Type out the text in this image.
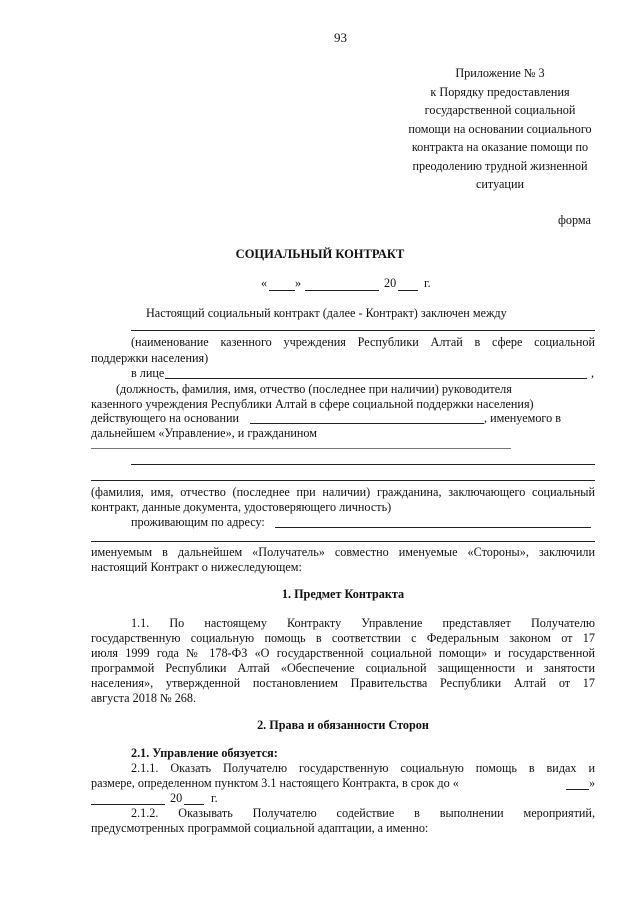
93
Приложение № 3
к Порядку предоставления
государственной социальной
помощи на основании социального
контракта на оказание помощи по
преодолению трудной жизненной
ситуации
форма
СОЦИАЛЬНЫЙ КОНТРАКТ
« »	20 г.
Настоящий социальный контракт (далее - Контракт) заключен между
(наименование казенного учреждения Республики Алтай в сфере социальной
поддержки населения)
в лице	,
(должность, фамилия, имя, отчество (последнее при наличии) руководителя
казенного учреждения Республики Алтай в сфере социальной поддержки населения)
действующего на основании	, именуемого в
дальнейшем «Управление», и гражданином
(фамилия, имя, отчество (последнее при наличии) гражданина, заключающего социальный
контракт, данные документа, удостоверяющего личность)
проживающим по адресу:
именуемым в дальнейшем «Получатель» совместно именуемые «Стороны», заключили
настоящий Контракт о нижеследующем:
1. Предмет Контракта
1.1. По настоящему Контракту Управление представляет Получателю
государственную социальную помощь в соответствии с Федеральным законом от 17
июля 1999 года № 178-ФЗ «О государственной социальной помощи» и государственной
программой Республики Алтай «Обеспечение социальной защищенности и занятости
населения», утвержденной постановлением Правительства Республики Алтай от 17
августа 2018 № 268.
2. Права и обязанности Сторон
2.1. Управление обязуется:
2.1.1. Оказать Получателю государственную социальную помощь в видах и
размере, определенном пунктом 3.1 настоящего Контракта, в срок до «	»
20 г.
2.1.2. Оказывать Получателю содействие в выполнении мероприятий,
предусмотренных программой социальной адаптации, а именно:
